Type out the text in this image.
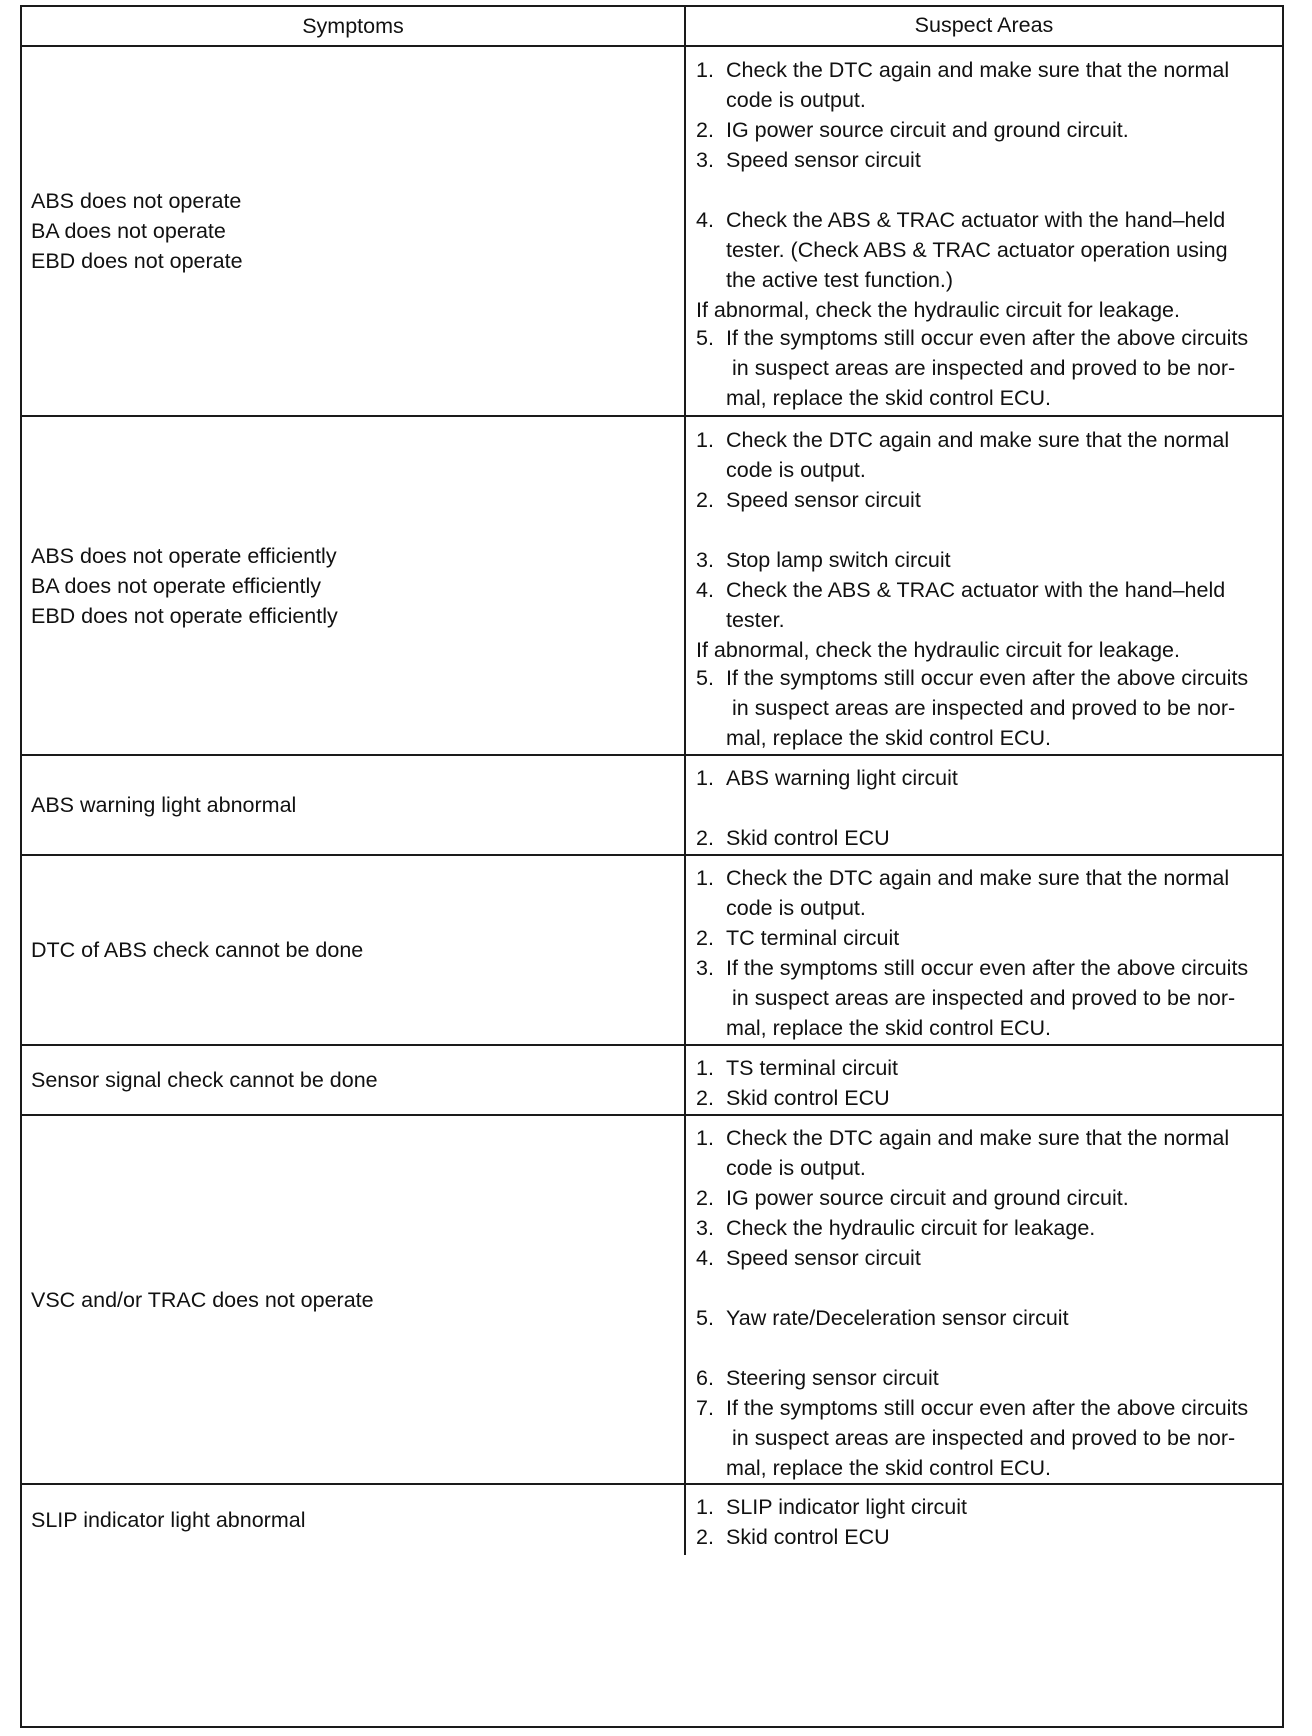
Symptoms	Suspect Areas
ABS does not operate
BA does not operate
EBD does not operate
1. Check the DTC again and make sure that the normal
code is output.
2. IG power source circuit and ground circuit.
3. Speed sensor circuit
4. Check the ABS & TRAC actuator with the hand–held
tester. (Check ABS & TRAC actuator operation using
the active test function.)
If abnormal, check the hydraulic circuit for leakage.
5. If the symptoms still occur even after the above circuits
in suspect areas are inspected and proved to be nor-
mal, replace the skid control ECU.
ABS does not operate efficiently
BA does not operate efficiently
EBD does not operate efficiently
1. Check the DTC again and make sure that the normal
code is output.
2. Speed sensor circuit
3. Stop lamp switch circuit
4. Check the ABS & TRAC actuator with the hand–held
tester.
If abnormal, check the hydraulic circuit for leakage.
5. If the symptoms still occur even after the above circuits
in suspect areas are inspected and proved to be nor-
mal, replace the skid control ECU.
ABS warning light abnormal
1. ABS warning light circuit
2. Skid control ECU
DTC of ABS check cannot be done
1. Check the DTC again and make sure that the normal
code is output.
2. TC terminal circuit
3. If the symptoms still occur even after the above circuits
in suspect areas are inspected and proved to be nor-
mal, replace the skid control ECU.
Sensor signal check cannot be done	1. TS terminal circuit
2. Skid control ECU
VSC and/or TRAC does not operate
1. Check the DTC again and make sure that the normal
code is output.
2. IG power source circuit and ground circuit.
3. Check the hydraulic circuit for leakage.
4. Speed sensor circuit
5. Yaw rate/Deceleration sensor circuit
6. Steering sensor circuit
7. If the symptoms still occur even after the above circuits
in suspect areas are inspected and proved to be nor-
mal, replace the skid control ECU.
SLIP indicator light abnormal
1. SLIP indicator light circuit
2. Skid control ECU
